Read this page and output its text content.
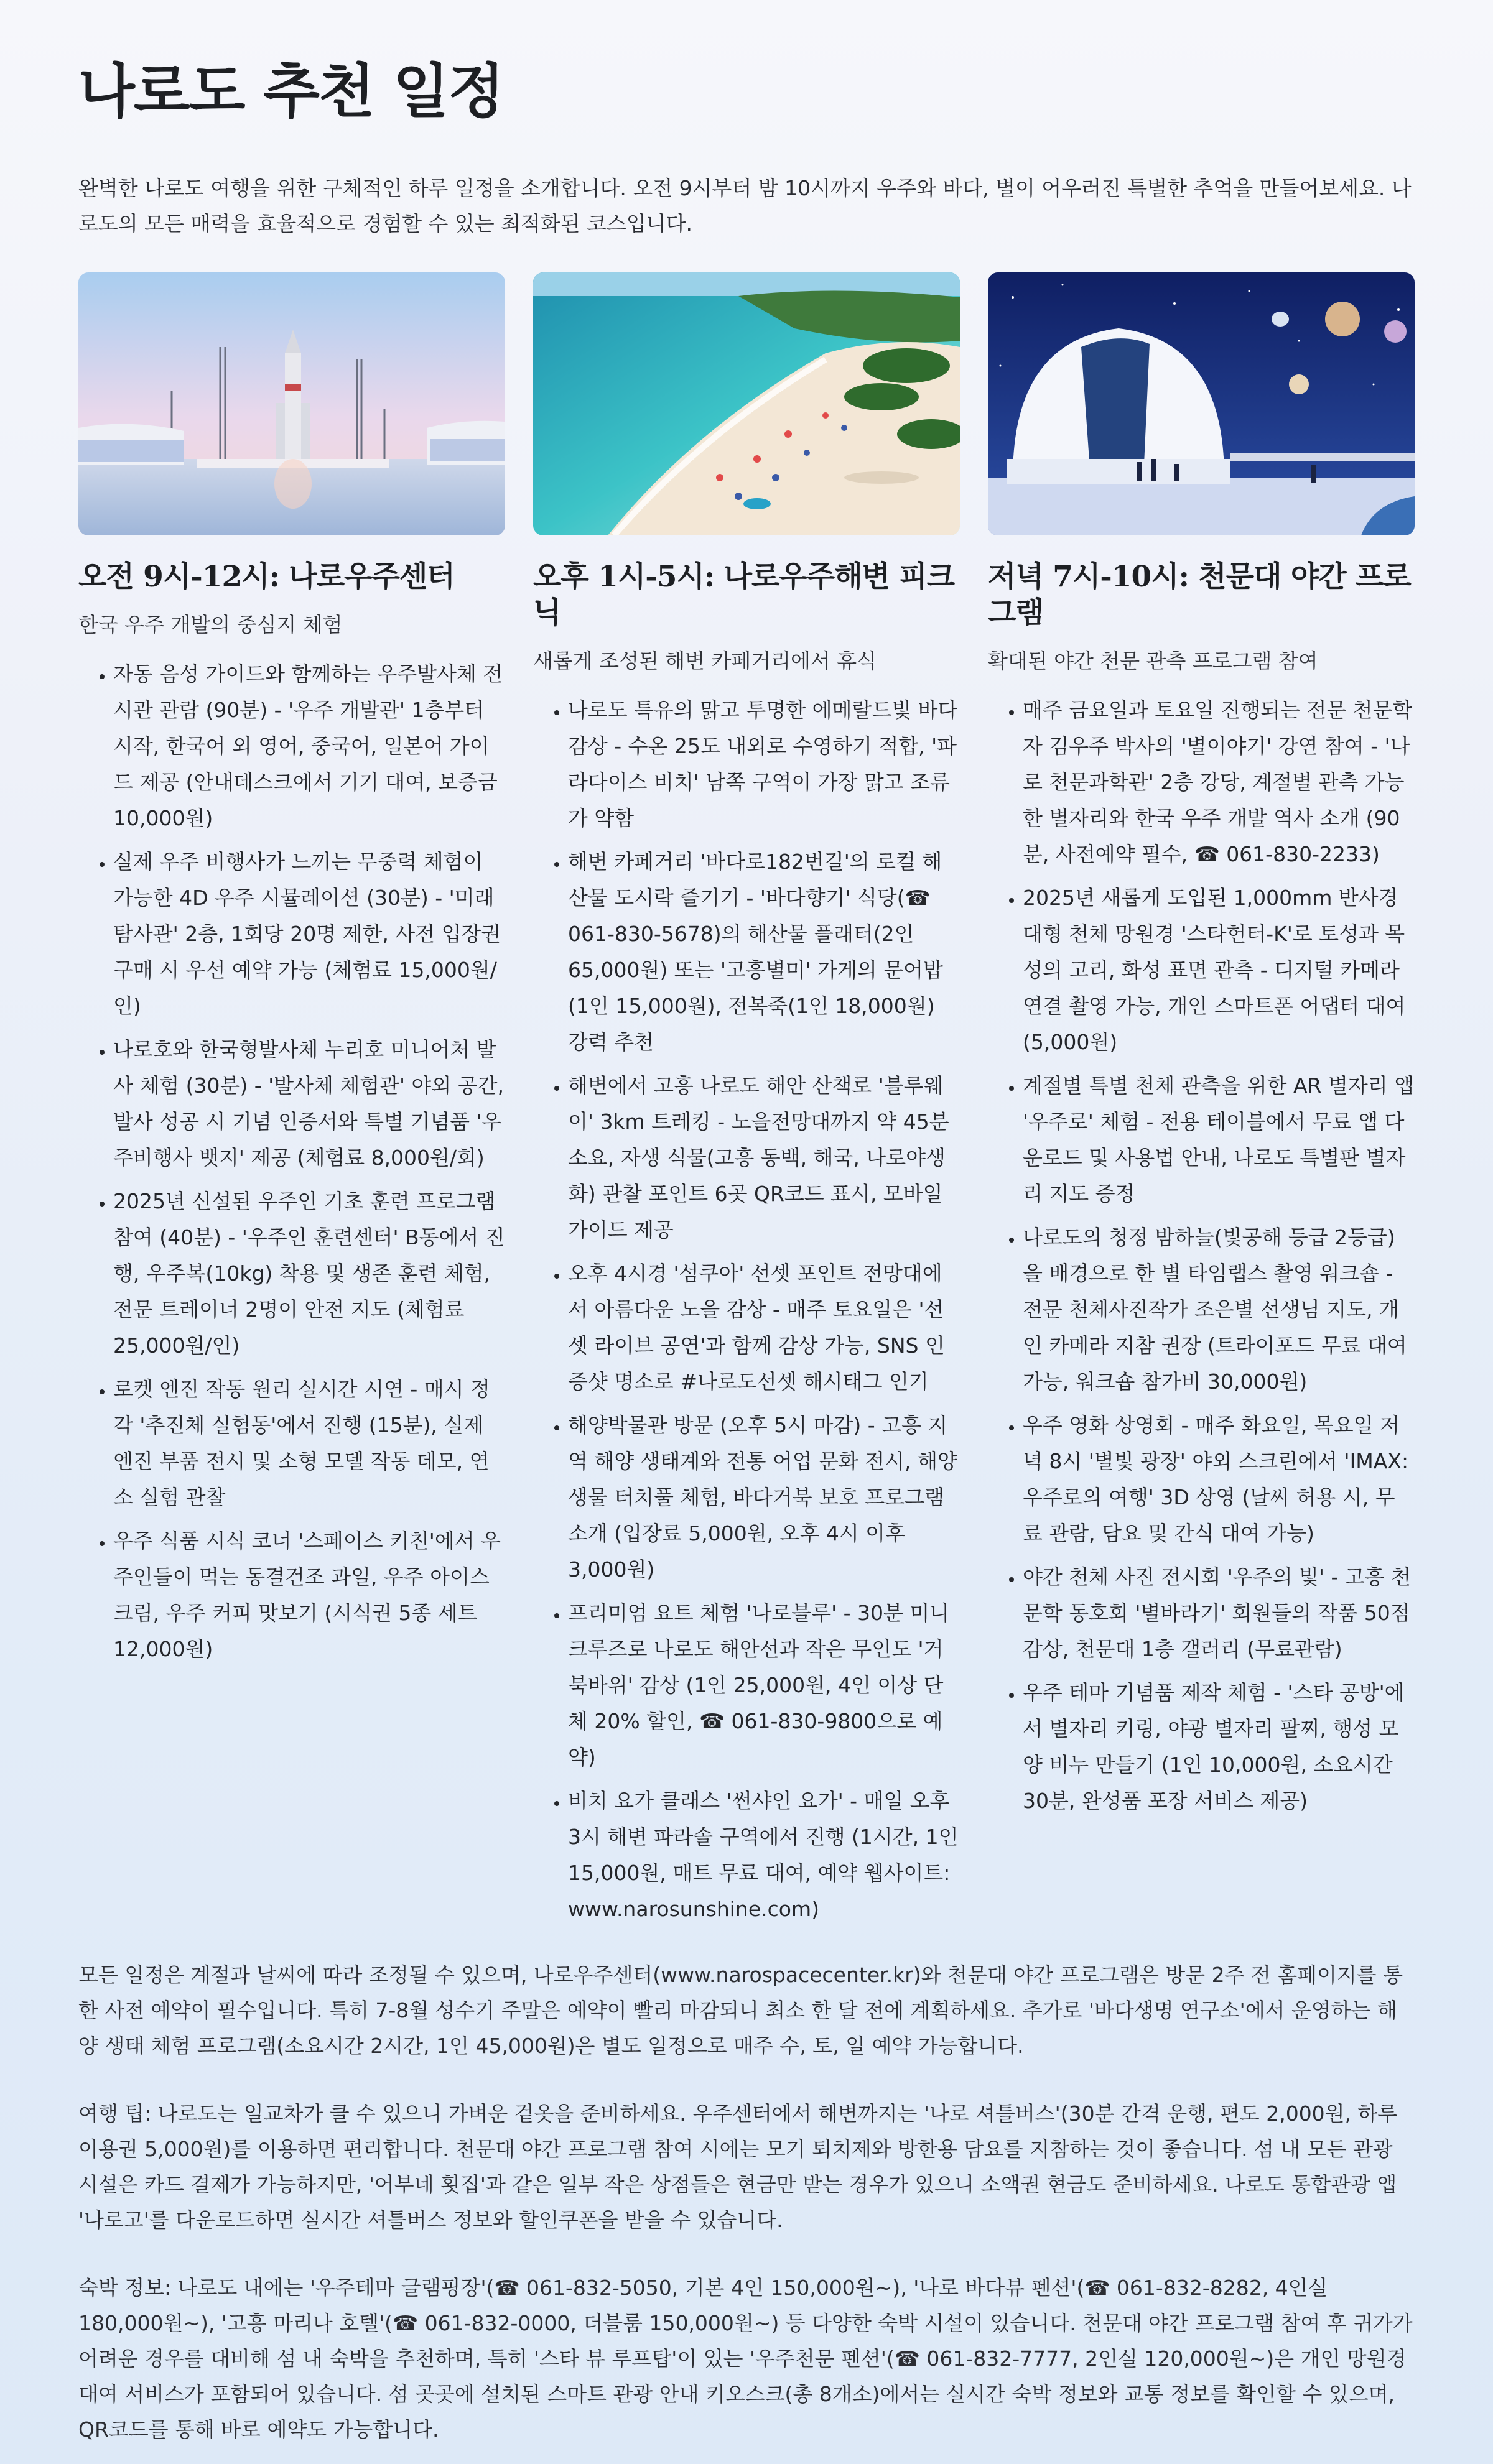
나로도 추천 일정

완벽한 나로도 여행을 위한 구체적인 하루 일정을 소개합니다. 오전 9시부터 밤 10시까지 우주와 바다, 별이 어우러진 특별한 추억을 만들어보세요. 나로도의 모든 매력을 효율적으로 경험할 수 있는 최적화된 코스입니다.

오전 9시-12시: 나로우주센터
한국 우주 개발의 중심지 체험
• 자동 음성 가이드와 함께하는 우주발사체 전시관 관람 (90분) - '우주 개발관' 1층부터 시작, 한국어 외 영어, 중국어, 일본어 가이드 제공 (안내데스크에서 기기 대여, 보증금 10,000원)
• 실제 우주 비행사가 느끼는 무중력 체험이 가능한 4D 우주 시뮬레이션 (30분) - '미래탐사관' 2층, 1회당 20명 제한, 사전 입장권 구매 시 우선 예약 가능 (체험료 15,000원/인)
• 나로호와 한국형발사체 누리호 미니어처 발사 체험 (30분) - '발사체 체험관' 야외 공간, 발사 성공 시 기념 인증서와 특별 기념품 '우주비행사 뱃지' 제공 (체험료 8,000원/회)
• 2025년 신설된 우주인 기초 훈련 프로그램 참여 (40분) - '우주인 훈련센터' B동에서 진행, 우주복(10kg) 착용 및 생존 훈련 체험, 전문 트레이너 2명이 안전 지도 (체험료 25,000원/인)
• 로켓 엔진 작동 원리 실시간 시연 - 매시 정각 '추진체 실험동'에서 진행 (15분), 실제 엔진 부품 전시 및 소형 모델 작동 데모, 연소 실험 관찰
• 우주 식품 시식 코너 '스페이스 키친'에서 우주인들이 먹는 동결건조 과일, 우주 아이스크림, 우주 커피 맛보기 (시식권 5종 세트 12,000원)
오후 1시-5시: 나로우주해변 피크닉
새롭게 조성된 해변 카페거리에서 휴식
• 나로도 특유의 맑고 투명한 에메랄드빛 바다 감상 - 수온 25도 내외로 수영하기 적합, '파라다이스 비치' 남쪽 구역이 가장 맑고 조류가 약함
• 해변 카페거리 '바다로182번길'의 로컬 해산물 도시락 즐기기 - '바다향기' 식당(☎ 061-830-5678)의 해산물 플래터(2인 65,000원) 또는 '고흥별미' 가게의 문어밥(1인 15,000원), 전복죽(1인 18,000원) 강력 추천
• 해변에서 고흥 나로도 해안 산책로 '블루웨이' 3km 트레킹 - 노을전망대까지 약 45분 소요, 자생 식물(고흥 동백, 해국, 나로야생화) 관찰 포인트 6곳 QR코드 표시, 모바일 가이드 제공
• 오후 4시경 '섬쿠아' 선셋 포인트 전망대에서 아름다운 노을 감상 - 매주 토요일은 '선셋 라이브 공연'과 함께 감상 가능, SNS 인증샷 명소로 #나로도선셋 해시태그 인기
• 해양박물관 방문 (오후 5시 마감) - 고흥 지역 해양 생태계와 전통 어업 문화 전시, 해양생물 터치풀 체험, 바다거북 보호 프로그램 소개 (입장료 5,000원, 오후 4시 이후 3,000원)
• 프리미엄 요트 체험 '나로블루' - 30분 미니 크루즈로 나로도 해안선과 작은 무인도 '거북바위' 감상 (1인 25,000원, 4인 이상 단체 20% 할인, ☎ 061-830-9800으로 예약)
• 비치 요가 클래스 '썬샤인 요가' - 매일 오후 3시 해변 파라솔 구역에서 진행 (1시간, 1인 15,000원, 매트 무료 대여, 예약 웹사이트: www.narosunshine.com)
저녁 7시-10시: 천문대 야간 프로그램
확대된 야간 천문 관측 프로그램 참여
• 매주 금요일과 토요일 진행되는 전문 천문학자 김우주 박사의 '별이야기' 강연 참여 - '나로 천문과학관' 2층 강당, 계절별 관측 가능한 별자리와 한국 우주 개발 역사 소개 (90분, 사전예약 필수, ☎ 061-830-2233)
• 2025년 새롭게 도입된 1,000mm 반사경 대형 천체 망원경 '스타헌터-K'로 토성과 목성의 고리, 화성 표면 관측 - 디지털 카메라 연결 촬영 가능, 개인 스마트폰 어댑터 대여(5,000원)
• 계절별 특별 천체 관측을 위한 AR 별자리 앱 '우주로' 체험 - 전용 테이블에서 무료 앱 다운로드 및 사용법 안내, 나로도 특별판 별자리 지도 증정
• 나로도의 청정 밤하늘(빛공해 등급 2등급)을 배경으로 한 별 타임랩스 촬영 워크숍 - 전문 천체사진작가 조은별 선생님 지도, 개인 카메라 지참 권장 (트라이포드 무료 대여 가능, 워크숍 참가비 30,000원)
• 우주 영화 상영회 - 매주 화요일, 목요일 저녁 8시 '별빛 광장' 야외 스크린에서 'IMAX: 우주로의 여행' 3D 상영 (날씨 허용 시, 무료 관람, 담요 및 간식 대여 가능)
• 야간 천체 사진 전시회 '우주의 빛' - 고흥 천문학 동호회 '별바라기' 회원들의 작품 50점 감상, 천문대 1층 갤러리 (무료관람)
• 우주 테마 기념품 제작 체험 - '스타 공방'에서 별자리 키링, 야광 별자리 팔찌, 행성 모양 비누 만들기 (1인 10,000원, 소요시간 30분, 완성품 포장 서비스 제공)

모든 일정은 계절과 날씨에 따라 조정될 수 있으며, 나로우주센터(www.narospacecenter.kr)와 천문대 야간 프로그램은 방문 2주 전 홈페이지를 통한 사전 예약이 필수입니다. 특히 7-8월 성수기 주말은 예약이 빨리 마감되니 최소 한 달 전에 계획하세요. 추가로 '바다생명 연구소'에서 운영하는 해양 생태 체험 프로그램(소요시간 2시간, 1인 45,000원)은 별도 일정으로 매주 수, 토, 일 예약 가능합니다.

여행 팁: 나로도는 일교차가 클 수 있으니 가벼운 겉옷을 준비하세요. 우주센터에서 해변까지는 '나로 셔틀버스'(30분 간격 운행, 편도 2,000원, 하루 이용권 5,000원)를 이용하면 편리합니다. 천문대 야간 프로그램 참여 시에는 모기 퇴치제와 방한용 담요를 지참하는 것이 좋습니다. 섬 내 모든 관광 시설은 카드 결제가 가능하지만, '어부네 횟집'과 같은 일부 작은 상점들은 현금만 받는 경우가 있으니 소액권 현금도 준비하세요. 나로도 통합관광 앱 '나로고'를 다운로드하면 실시간 셔틀버스 정보와 할인쿠폰을 받을 수 있습니다.

숙박 정보: 나로도 내에는 '우주테마 글램핑장'(☎ 061-832-5050, 기본 4인 150,000원~), '나로 바다뷰 펜션'(☎ 061-832-8282, 4인실 180,000원~), '고흥 마리나 호텔'(☎ 061-832-0000, 더블룸 150,000원~) 등 다양한 숙박 시설이 있습니다. 천문대 야간 프로그램 참여 후 귀가가 어려운 경우를 대비해 섬 내 숙박을 추천하며, 특히 '스타 뷰 루프탑'이 있는 '우주천문 펜션'(☎ 061-832-7777, 2인실 120,000원~)은 개인 망원경 대여 서비스가 포함되어 있습니다. 섬 곳곳에 설치된 스마트 관광 안내 키오스크(총 8개소)에서는 실시간 숙박 정보와 교통 정보를 확인할 수 있으며, QR코드를 통해 바로 예약도 가능합니다.
